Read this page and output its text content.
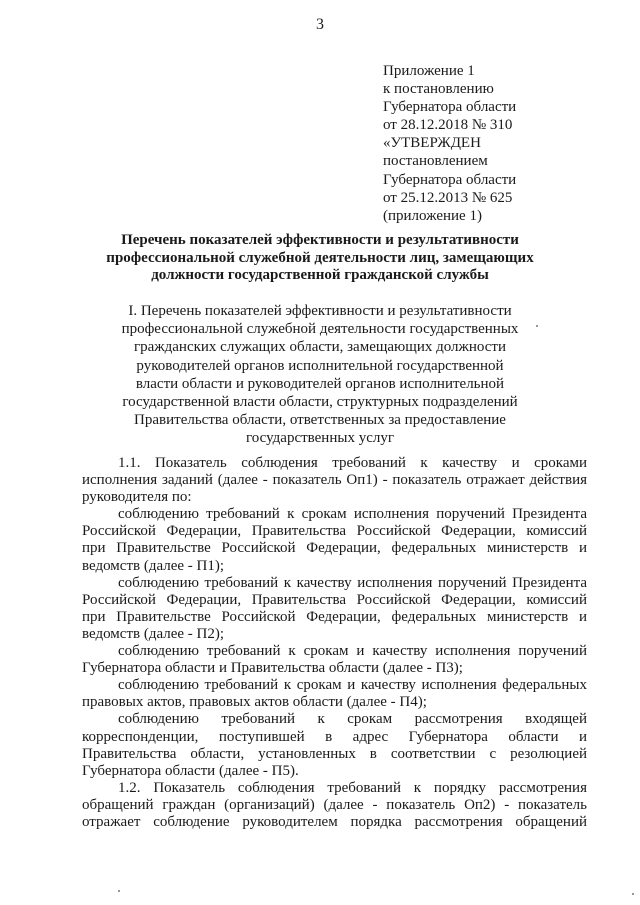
3
Приложение 1
к постановлению
Губернатора области
от 28.12.2018 № 310
«УТВЕРЖДЕН
постановлением
Губернатора области
от 25.12.2013 № 625
(приложение 1)
Перечень показателей эффективности и результативности
профессиональной служебной деятельности лиц, замещающих
должности государственной гражданской службы
I. Перечень показателей эффективности и результативности
профессиональной служебной деятельности государственных
гражданских служащих области, замещающих должности
руководителей органов исполнительной государственной
власти области и руководителей органов исполнительной
государственной власти области, структурных подразделений
Правительства области, ответственных за предоставление
государственных услуг
1.1. Показатель соблюдения требований к качеству и сроками
исполнения заданий (далее - показатель Оп1) - показатель отражает действия
руководителя по:
соблюдению требований к срокам исполнения поручений Президента
Российской Федерации, Правительства Российской Федерации, комиссий
при Правительстве Российской Федерации, федеральных министерств и
ведомств (далее - П1);
соблюдению требований к качеству исполнения поручений Президента
Российской Федерации, Правительства Российской Федерации, комиссий
при Правительстве Российской Федерации, федеральных министерств и
ведомств (далее - П2);
соблюдению требований к срокам и качеству исполнения поручений
Губернатора области и Правительства области (далее - П3);
соблюдению требований к срокам и качеству исполнения федеральных
правовых актов, правовых актов области (далее - П4);
соблюдению требований к срокам рассмотрения входящей
корреспонденции, поступившей в адрес Губернатора области и
Правительства области, установленных в соответствии с резолюцией
Губернатора области (далее - П5).
1.2. Показатель соблюдения требований к порядку рассмотрения
обращений граждан (организаций) (далее - показатель Оп2) - показатель
отражает соблюдение руководителем порядка рассмотрения обращений
